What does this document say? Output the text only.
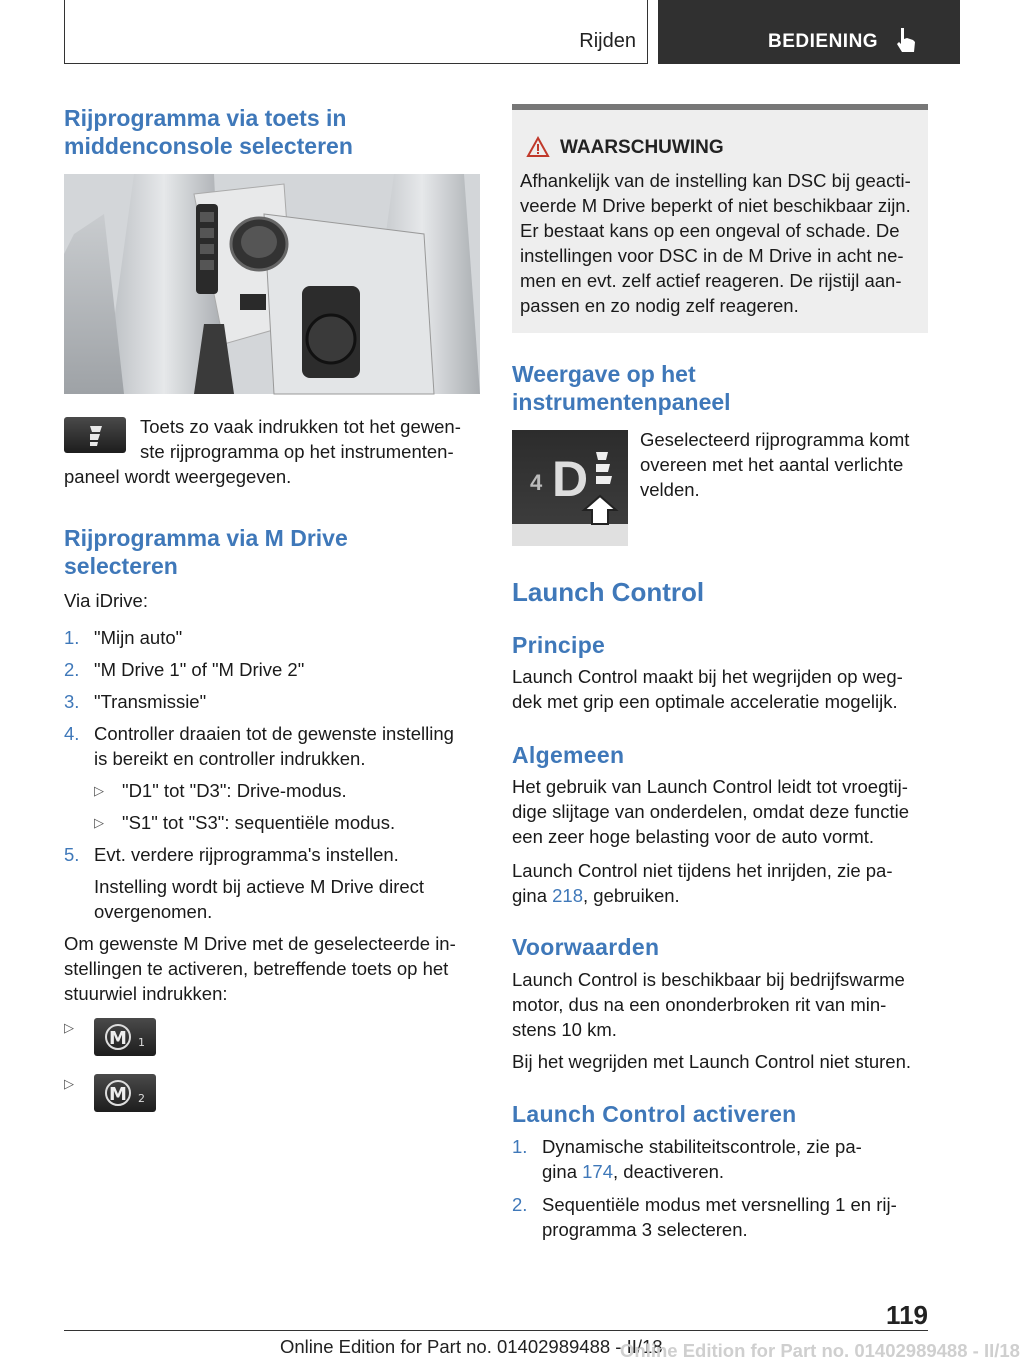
Rijden	BEDIENING
Rijprogramma via toets in
middenconsole selecteren
Toets zo vaak indrukken tot het gewen-
ste rijprogramma op het instrumenten-
paneel wordt weergegeven.
Rijprogramma via M Drive
selecteren
Via iDrive:
1. "Mijn auto"
2. "M Drive 1" of "M Drive 2"
3. "Transmissie"
4. Controller draaien tot de gewenste instelling
is bereikt en controller indrukken.
▷ "D1" tot "D3": Drive-modus.
▷ "S1" tot "S3": sequentiële modus.
5. Evt. verdere rijprogramma's instellen.
Instelling wordt bij actieve M Drive direct
overgenomen.
Om gewenste M Drive met de geselecteerde in-
stellingen te activeren, betreffende toets op het
stuurwiel indrukken:
▷
M 1
▷
M 2
WAARSCHUWING
Afhankelijk van de instelling kan DSC bij geacti-
veerde M Drive beperkt of niet beschikbaar zijn.
Er bestaat kans op een ongeval of schade. De
instellingen voor DSC in de M Drive in acht ne-
men en evt. zelf actief reageren. De rijstijl aan-
passen en zo nodig zelf reageren.
Weergave op het
instrumentenpaneel
4 D
Geselecteerd rijprogramma komt
overeen met het aantal verlichte
velden.
Launch Control
Principe
Launch Control maakt bij het wegrijden op weg-
dek met grip een optimale acceleratie mogelijk.
Algemeen
Het gebruik van Launch Control leidt tot vroegtij-
dige slijtage van onderdelen, omdat deze functie
een zeer hoge belasting voor de auto vormt.
Launch Control niet tijdens het inrijden, zie pa-
gina 218, gebruiken.
Voorwaarden
Launch Control is beschikbaar bij bedrijfswarme
motor, dus na een ononderbroken rit van min-
stens 10 km.
Bij het wegrijden met Launch Control niet sturen.
Launch Control activeren
1. Dynamische stabiliteitscontrole, zie pa-
gina 174, deactiveren.
2. Sequentiële modus met versnelling 1 en rij-
programma 3 selecteren.
119
Online Edition for Part no. 01402989488 - II/18
Online Edition for Part no. 01402989488 - II/18
